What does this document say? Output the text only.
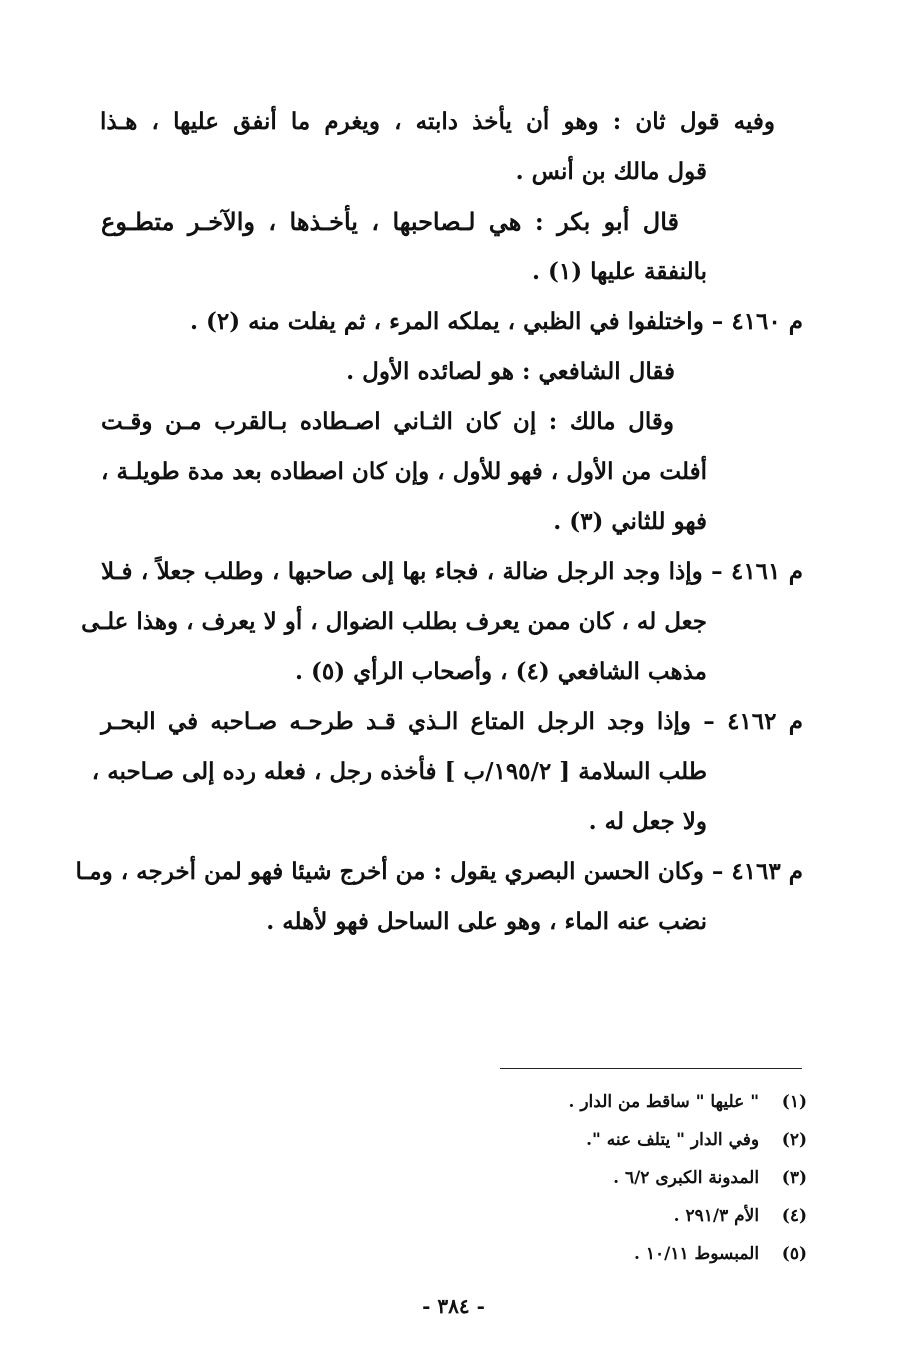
وفيه قول ثان : وهو أن يأخذ دابته ، ويغرم ما أنفق عليها ، هـذا
قول مالك بن أنس .
قال أبو بكر : هي لـصاحبها ، يأخـذها ، والآخـر متطـوع
بالنفقة عليها (١) .
م ٤١٦٠ – واختلفوا في الظبي ، يملكه المرء ، ثم يفلت منه (٢) .
فقال الشافعي : هو لصائده الأول .
وقال مالك : إن كان الثـاني اصـطاده بـالقرب مـن وقـت
أفلت من الأول ، فهو للأول ، وإن كان اصطاده بعد مدة طويلـة ،
فهو للثاني (٣) .
م ٤١٦١ – وإذا وجد الرجل ضالة ، فجاء بها إلى صاحبها ، وطلب جعلاً ، فـلا
جعل له ، كان ممن يعرف بطلب الضوال ، أو لا يعرف ، وهذا علـى
مذهب الشافعي (٤) ، وأصحاب الرأي (٥) .
م ٤١٦٢ – وإذا وجد الرجل المتاع الـذي قـد طرحـه صـاحبه في البحـر
طلب السلامة [ ١٩٥/٢/ب ] فأخذه رجل ، فعله رده إلى صـاحبه ،
ولا جعل له .
م ٤١٦٣ – وكان الحسن البصري يقول : من أخرج شيئا فهو لمن أخرجه ، ومـا
نضب عنه الماء ، وهو على الساحل فهو لأهله .
(١) " عليها " ساقط من الدار .
(٢) وفي الدار " يتلف عنه ".
(٣) المدونة الكبرى ٦/٢ .
(٤) الأم ٢٩١/٣ .
(٥) المبسوط ١٠/١١ .
- ٣٨٤ -
